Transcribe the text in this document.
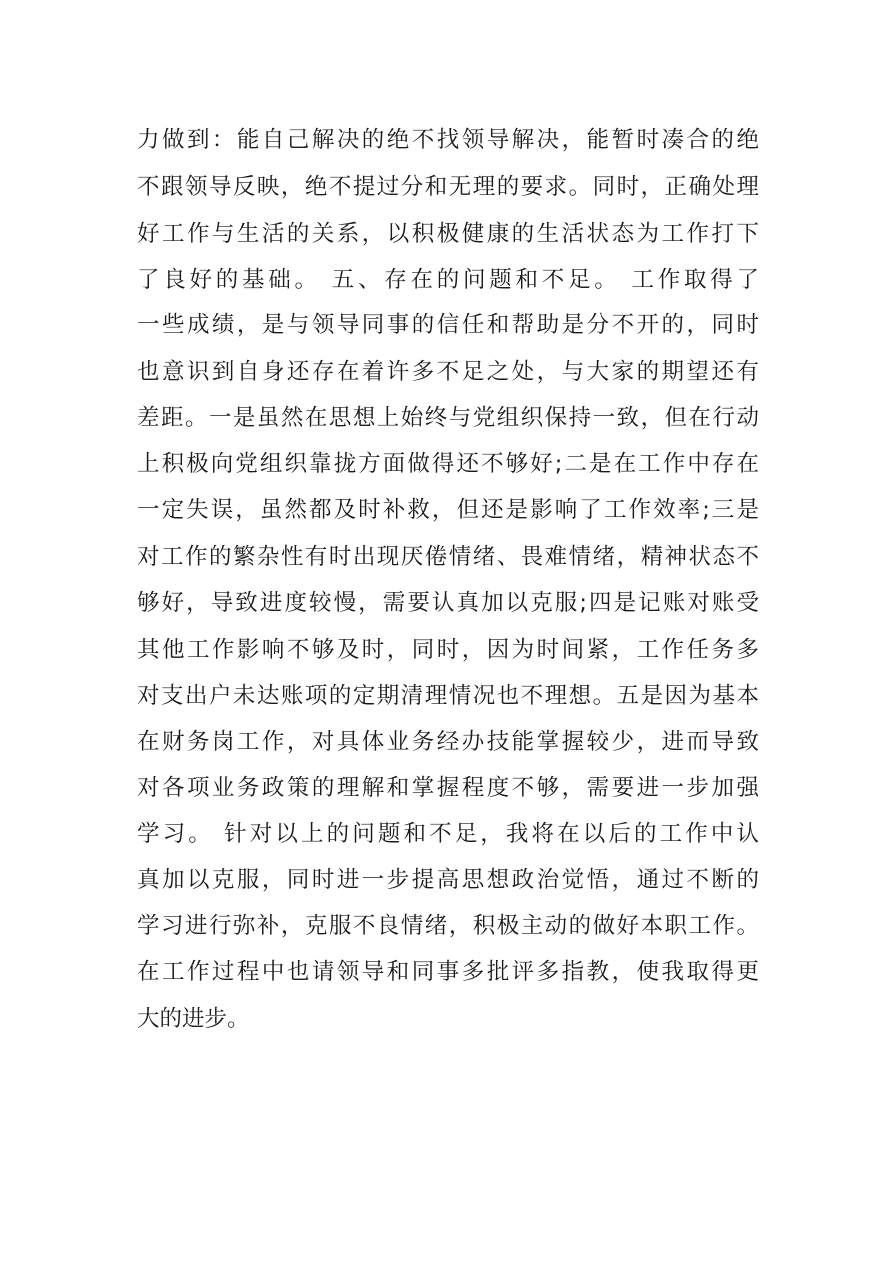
力做到：能自己解决的绝不找领导解决，能暂时凑合的绝
不跟领导反映，绝不提过分和无理的要求。同时，正确处理
好工作与生活的关系，以积极健康的生活状态为工作打下
了良好的基础。 五、存在的问题和不足。 工作取得了
一些成绩，是与领导同事的信任和帮助是分不开的，同时
也意识到自身还存在着许多不足之处，与大家的期望还有
差距。一是虽然在思想上始终与党组织保持一致，但在行动
上积极向党组织靠拢方面做得还不够好;二是在工作中存在
一定失误，虽然都及时补救，但还是影响了工作效率;三是
对工作的繁杂性有时出现厌倦情绪、畏难情绪，精神状态不
够好，导致进度较慢，需要认真加以克服;四是记账对账受
其他工作影响不够及时，同时，因为时间紧，工作任务多
对支出户未达账项的定期清理情况也不理想。五是因为基本
在财务岗工作，对具体业务经办技能掌握较少，进而导致
对各项业务政策的理解和掌握程度不够，需要进一步加强
学习。 针对以上的问题和不足，我将在以后的工作中认
真加以克服，同时进一步提高思想政治觉悟，通过不断的
学习进行弥补，克服不良情绪，积极主动的做好本职工作。
在工作过程中也请领导和同事多批评多指教，使我取得更
大的进步。
